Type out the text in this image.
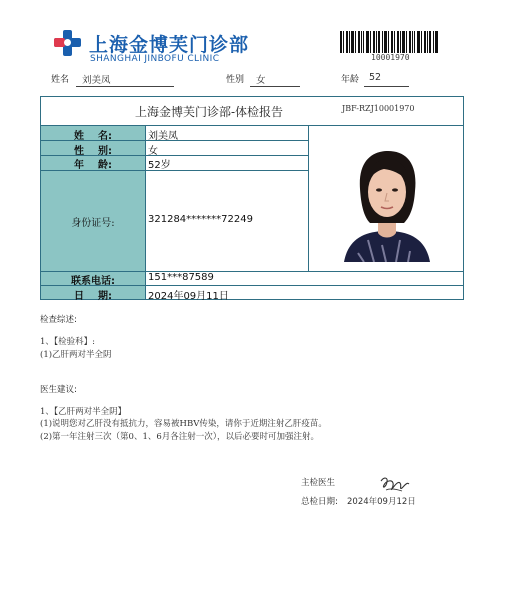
上海金博芙门诊部
SHANGHAI JINBOFU CLINIC	10001970
姓名 刘美凤	性别 女	年龄 52
上海金博芙门诊部-体检报告	JBF-RZJ10001970
姓    名:	刘美凤
性    别:	女
年    龄:	52岁
身份证号:	321284*******72249
联系电话:	151***87589
日    期:	2024年09月11日
检查综述:
1、【检验科】:
(1)乙肝两对半全阴
医生建议:
1、【乙肝两对半全阴】
(1)说明您对乙肝没有抵抗力，容易被HBV传染，请你于近期注射乙肝疫苗。
(2)第一年注射三次（第0、1、6月各注射一次），以后必要时可加强注射。
主检医生
总检日期: 2024年09月12日
